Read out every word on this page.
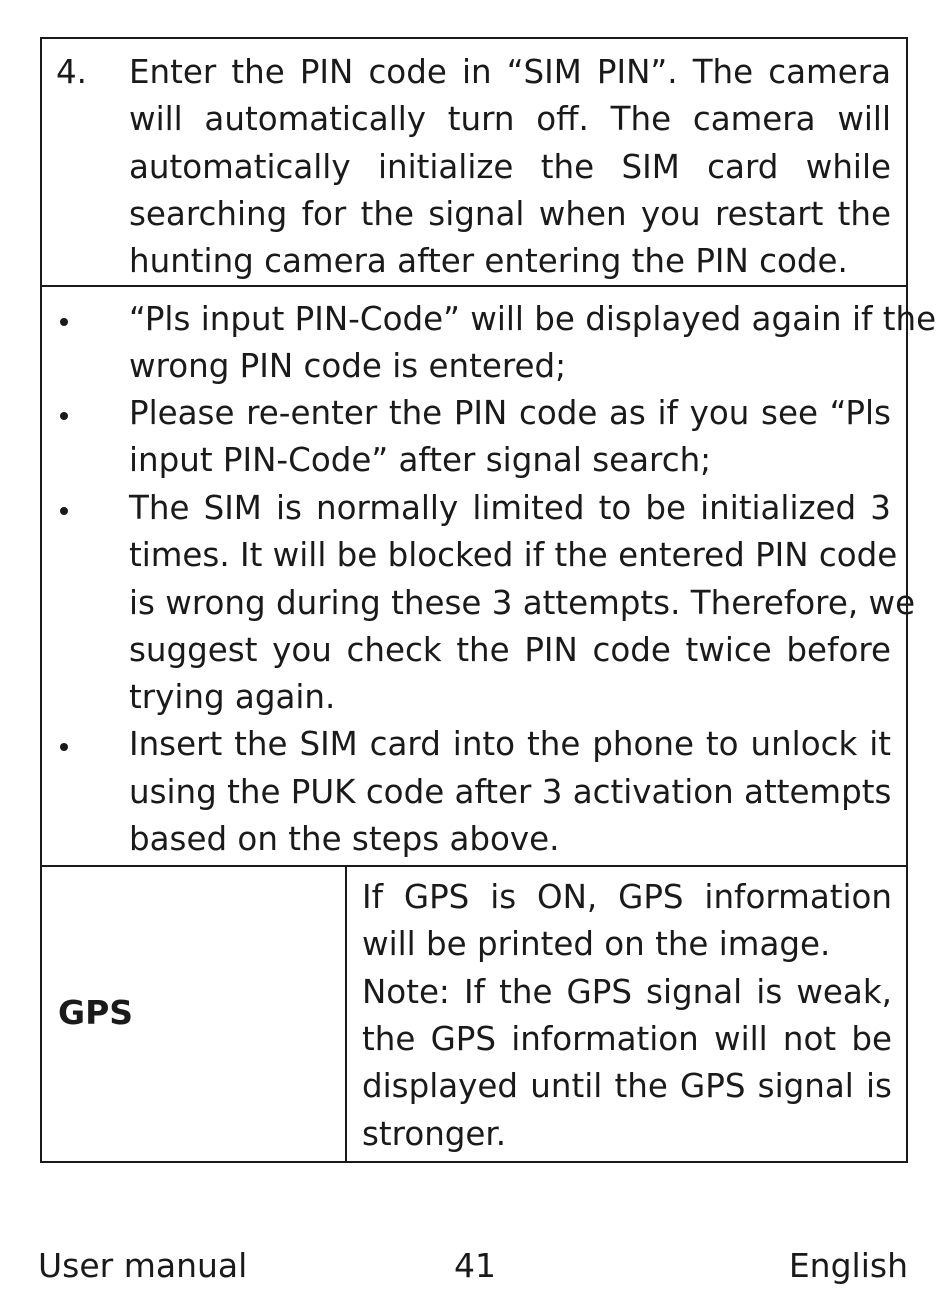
4. Enter the PIN code in “SIM PIN”. The camera
will automatically turn off. The camera will
automatically initialize the SIM card while
searching for the signal when you restart the
hunting camera after entering the PIN code.
“Pls input PIN-Code” will be displayed again if the
wrong PIN code is entered;
Please re-enter the PIN code as if you see “Pls
input PIN-Code” after signal search;
The SIM is normally limited to be initialized 3
times. It will be blocked if the entered PIN code
is wrong during these 3 attempts. Therefore, we
suggest you check the PIN code twice before
trying again.
Insert the SIM card into the phone to unlock it
using the PUK code after 3 activation attempts
based on the steps above.
GPS
If GPS is ON, GPS information
will be printed on the image.
Note: If the GPS signal is weak,
the GPS information will not be
displayed until the GPS signal is
stronger.
User manual	41	English
